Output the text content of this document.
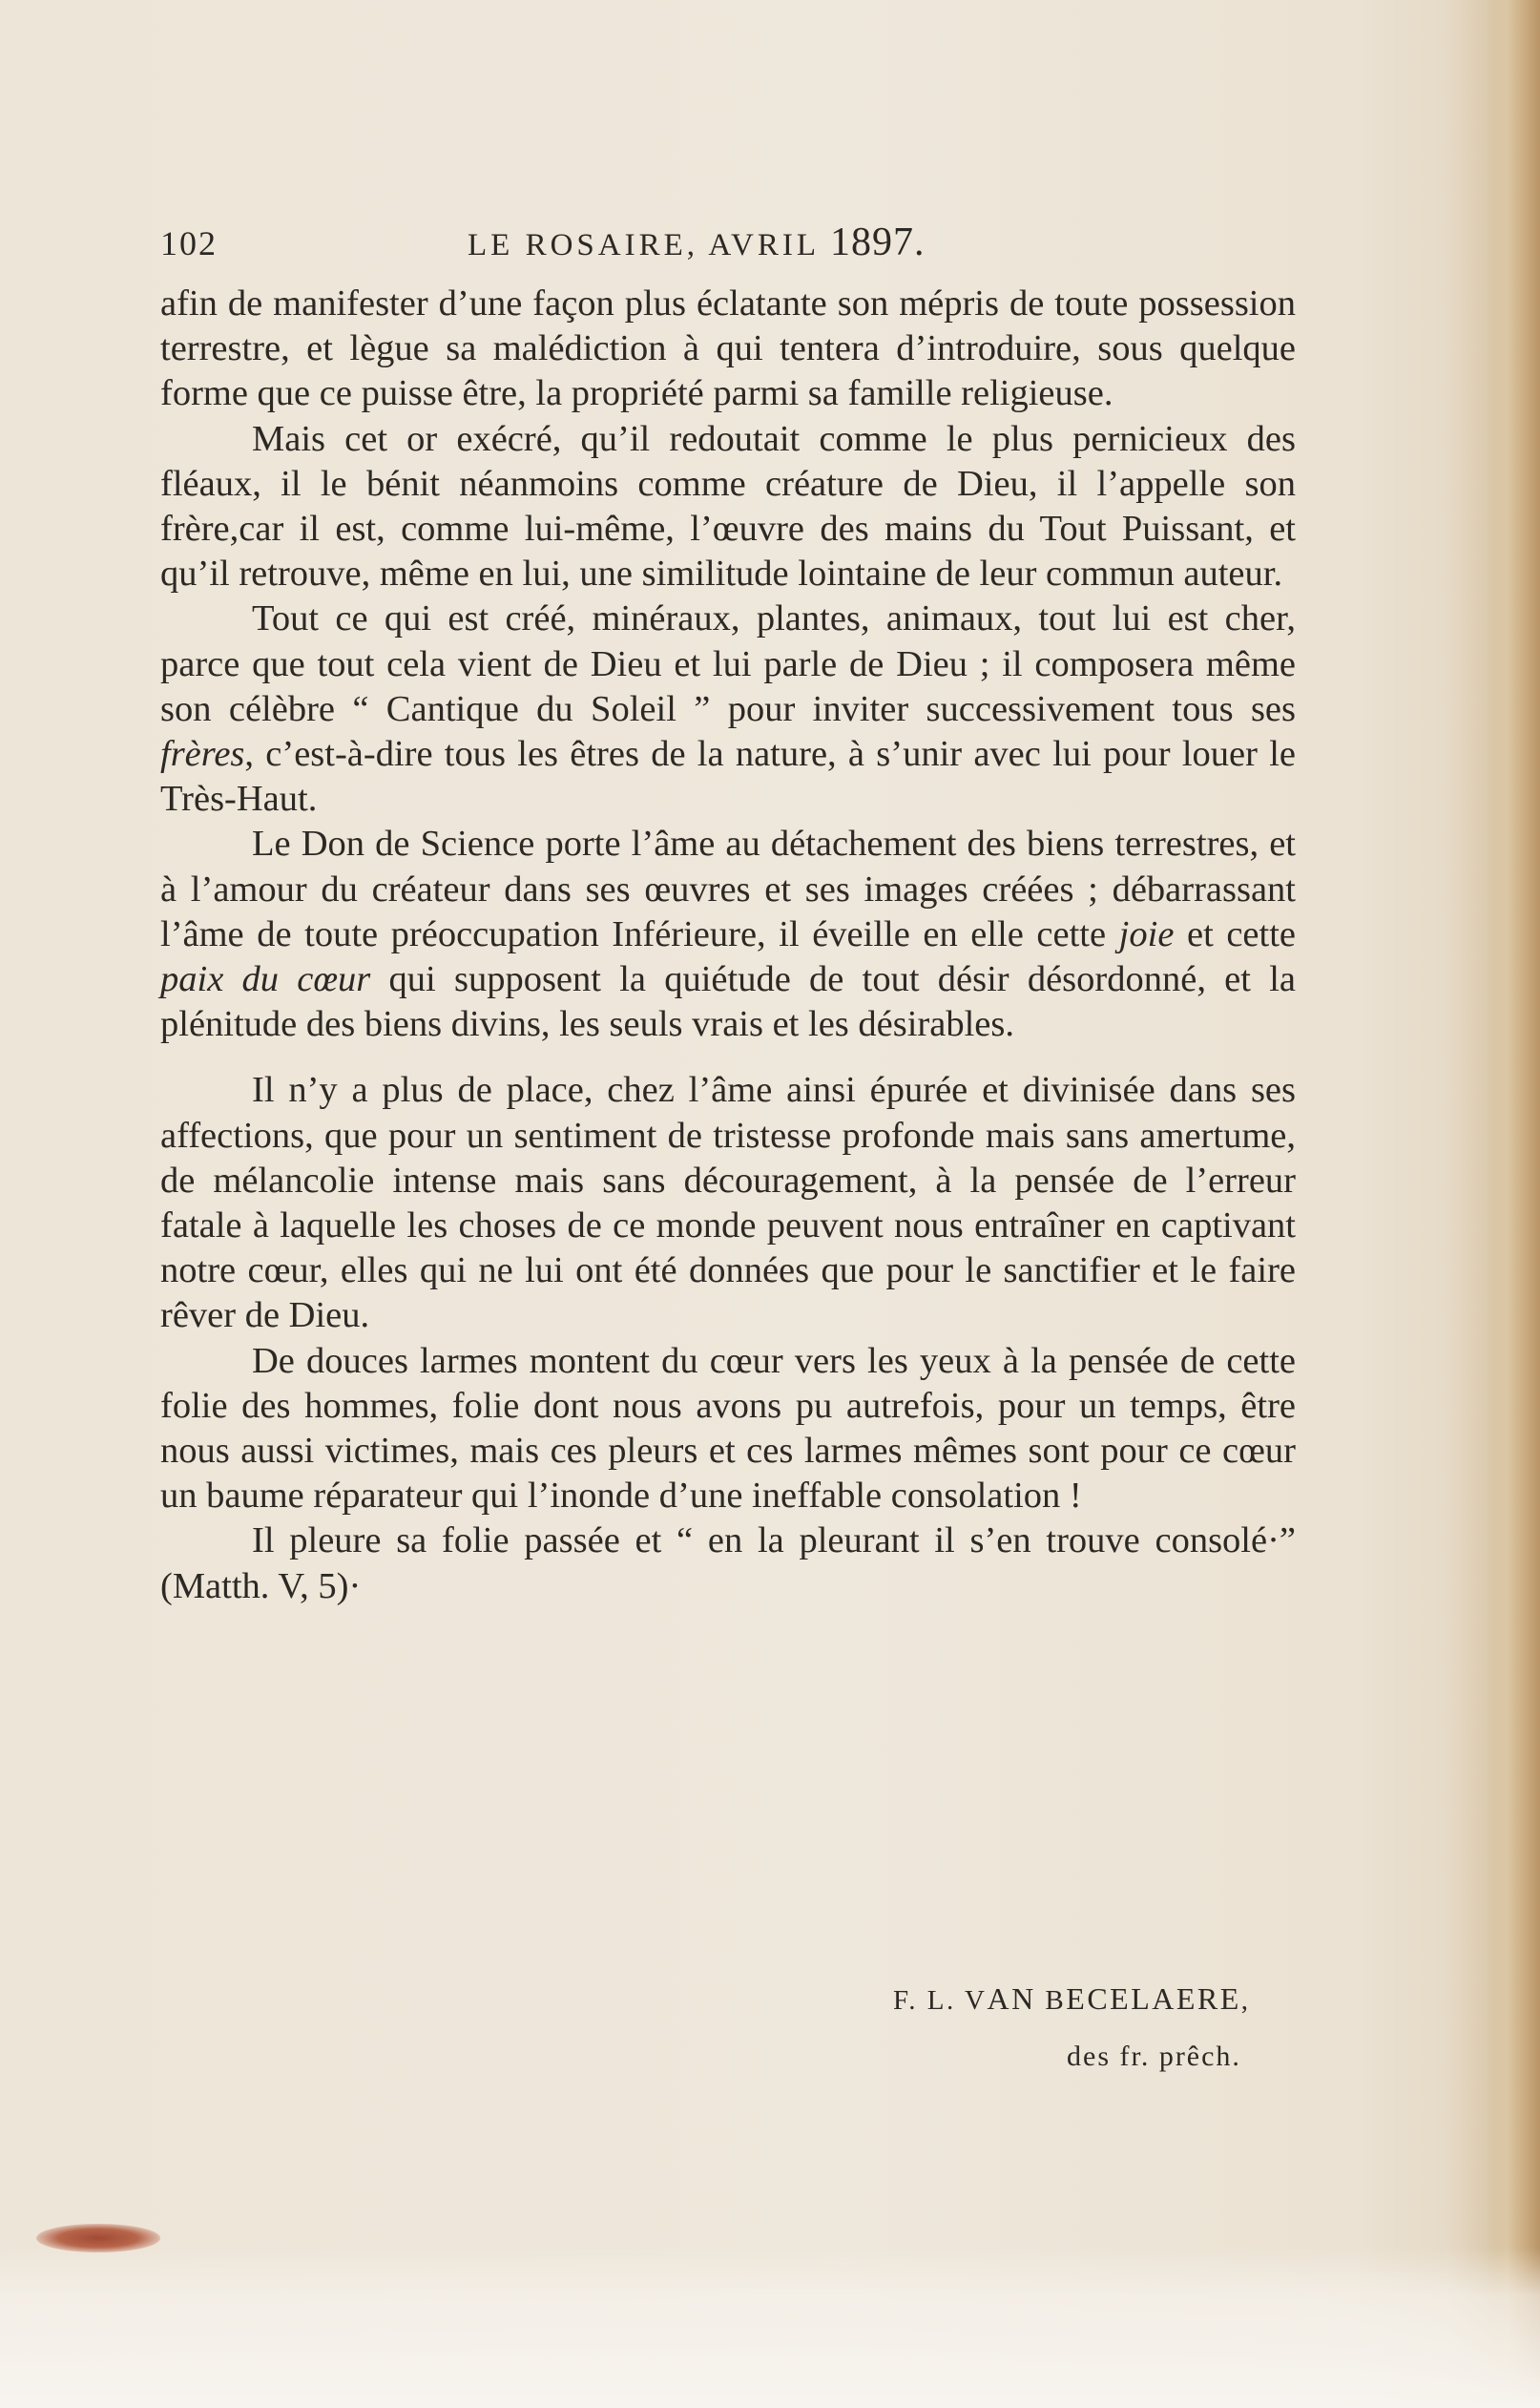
102	LE ROSAIRE, AVRIL 1897.

afin de manifester d’une façon plus éclatante son mépris de toute possession terrestre, et lègue sa malédiction à qui tentera d’introduire, sous quelque forme que ce puisse être, la propriété parmi sa famille religieuse.

Mais cet or exécré, qu’il redoutait comme le plus pernicieux des fléaux, il le bénit néanmoins comme créature de Dieu, il l’appelle son frère,car il est, comme lui-même, l’œuvre des mains du Tout Puissant, et qu’il retrouve, même en lui, une similitude lointaine de leur commun auteur.

Tout ce qui est créé, minéraux, plantes, animaux, tout lui est cher, parce que tout cela vient de Dieu et lui parle de Dieu ; il composera même son célèbre “ Cantique du Soleil ” pour inviter successivement tous ses frères, c’est-à-dire tous les êtres de la nature, à s’unir avec lui pour louer le Très-Haut.

Le Don de Science porte l’âme au détachement des biens terrestres, et à l’amour du créateur dans ses œuvres et ses images créées ; débarrassant l’âme de toute préoccupation Inférieure, il éveille en elle cette joie et cette paix du cœur qui supposent la quiétude de tout désir désordonné, et la plénitude des biens divins, les seuls vrais et les désirables.

Il n’y a plus de place, chez l’âme ainsi épurée et divinisée dans ses affections, que pour un sentiment de tristesse profonde mais sans amertume, de mélancolie intense mais sans découragement, à la pensée de l’erreur fatale à laquelle les choses de ce monde peuvent nous entraîner en captivant notre cœur, elles qui ne lui ont été données que pour le sanctifier et le faire rêver de Dieu.

De douces larmes montent du cœur vers les yeux à la pensée de cette folie des hommes, folie dont nous avons pu autrefois, pour un temps, être nous aussi victimes, mais ces pleurs et ces larmes mêmes sont pour ce cœur un baume réparateur qui l’inonde d’une ineffable consolation !

Il pleure sa folie passée et “ en la pleurant il s’en trouve consolé·” (Matth. V, 5)·

F. L. VAN BECELAERE,
des fr. prêch.
